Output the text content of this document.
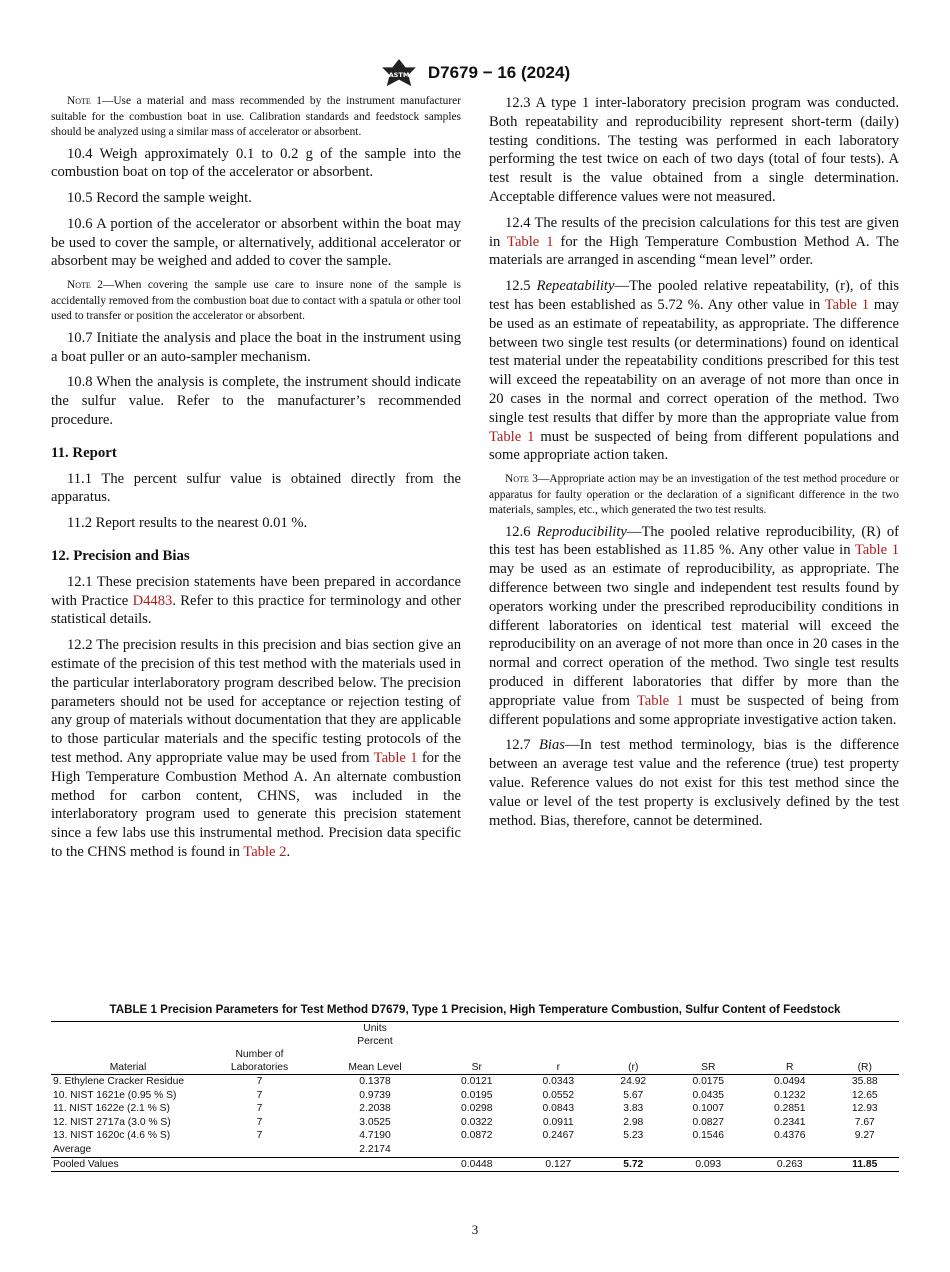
ASTM D7679 − 16 (2024)

Note 1—Use a material and mass recommended by the instrument manufacturer suitable for the combustion boat in use. Calibration standards and feedstock samples should be analyzed using a similar mass of accelerator or absorbent.

10.4 Weigh approximately 0.1 to 0.2 g of the sample into the combustion boat on top of the accelerator or absorbent.

10.5 Record the sample weight.

10.6 A portion of the accelerator or absorbent within the boat may be used to cover the sample, or alternatively, additional accelerator or absorbent may be weighed and added to cover the sample.

Note 2—When covering the sample use care to insure none of the sample is accidentally removed from the combustion boat due to contact with a spatula or other tool used to transfer or position the accelerator or absorbent.

10.7 Initiate the analysis and place the boat in the instrument using a boat puller or an auto-sampler mechanism.

10.8 When the analysis is complete, the instrument should indicate the sulfur value. Refer to the manufacturer’s recommended procedure.

11. Report

11.1 The percent sulfur value is obtained directly from the apparatus.

11.2 Report results to the nearest 0.01 %.

12. Precision and Bias

12.1 These precision statements have been prepared in accordance with Practice D4483. Refer to this practice for terminology and other statistical details.

12.2 The precision results in this precision and bias section give an estimate of the precision of this test method with the materials used in the particular interlaboratory program described below. The precision parameters should not be used for acceptance or rejection testing of any group of materials without documentation that they are applicable to those particular materials and the specific testing protocols of the test method. Any appropriate value may be used from Table 1 for the High Temperature Combustion Method A. An alternate combustion method for carbon content, CHNS, was included in the interlaboratory program used to generate this precision statement since a few labs use this instrumental method. Precision data specific to the CHNS method is found in Table 2.

12.3 A type 1 inter-laboratory precision program was conducted. Both repeatability and reproducibility represent short-term (daily) testing conditions. The testing was performed in each laboratory performing the test twice on each of two days (total of four tests). A test result is the value obtained from a single determination. Acceptable difference values were not measured.

12.4 The results of the precision calculations for this test are given in Table 1 for the High Temperature Combustion Method A. The materials are arranged in ascending “mean level” order.

12.5 Repeatability—The pooled relative repeatability, (r), of this test has been established as 5.72 %. Any other value in Table 1 may be used as an estimate of repeatability, as appropriate. The difference between two single test results (or determinations) found on identical test material under the repeatability conditions prescribed for this test will exceed the repeatability on an average of not more than once in 20 cases in the normal and correct operation of the method. Two single test results that differ by more than the appropriate value from Table 1 must be suspected of being from different populations and some appropriate action taken.

Note 3—Appropriate action may be an investigation of the test method procedure or apparatus for faulty operation or the declaration of a significant difference in the two materials, samples, etc., which generated the two test results.

12.6 Reproducibility—The pooled relative reproducibility, (R) of this test has been established as 11.85 %. Any other value in Table 1 may be used as an estimate of reproducibility, as appropriate. The difference between two single and independent test results found by operators working under the prescribed reproducibility conditions in different laboratories on identical test material will exceed the reproducibility on an average of not more than once in 20 cases in the normal and correct operation of the method. Two single test results produced in different laboratories that differ by more than the appropriate value from Table 1 must be suspected of being from different populations and some appropriate investigative action taken.

12.7 Bias—In test method terminology, bias is the difference between an average test value and the reference (true) test property value. Reference values do not exist for this test method since the value or level of the test property is exclusively defined by the test method. Bias, therefore, cannot be determined.

TABLE 1 Precision Parameters for Test Method D7679, Type 1 Precision, High Temperature Combustion, Sulfur Content of Feedstock
		Units
Percent						
Material	Number of Laboratories	Mean Level	Sr	r	(r)	SR	R	(R)
9. Ethylene Cracker Residue	7	0.1378	0.0121	0.0343	24.92	0.0175	0.0494	35.88
10. NIST 1621e (0.95 % S)	7	0.9739	0.0195	0.0552	5.67	0.0435	0.1232	12.65
11. NIST 1622e (2.1 % S)	7	2.2038	0.0298	0.0843	3.83	0.1007	0.2851	12.93
12. NIST 2717a (3.0 % S)	7	3.0525	0.0322	0.0911	2.98	0.0827	0.2341	7.67
13. NIST 1620c (4.6 % S)	7	4.7190	0.0872	0.2467	5.23	0.1546	0.4376	9.27
Average		2.2174						
Pooled Values			0.0448	0.127	5.72	0.093	0.263	11.85
3
